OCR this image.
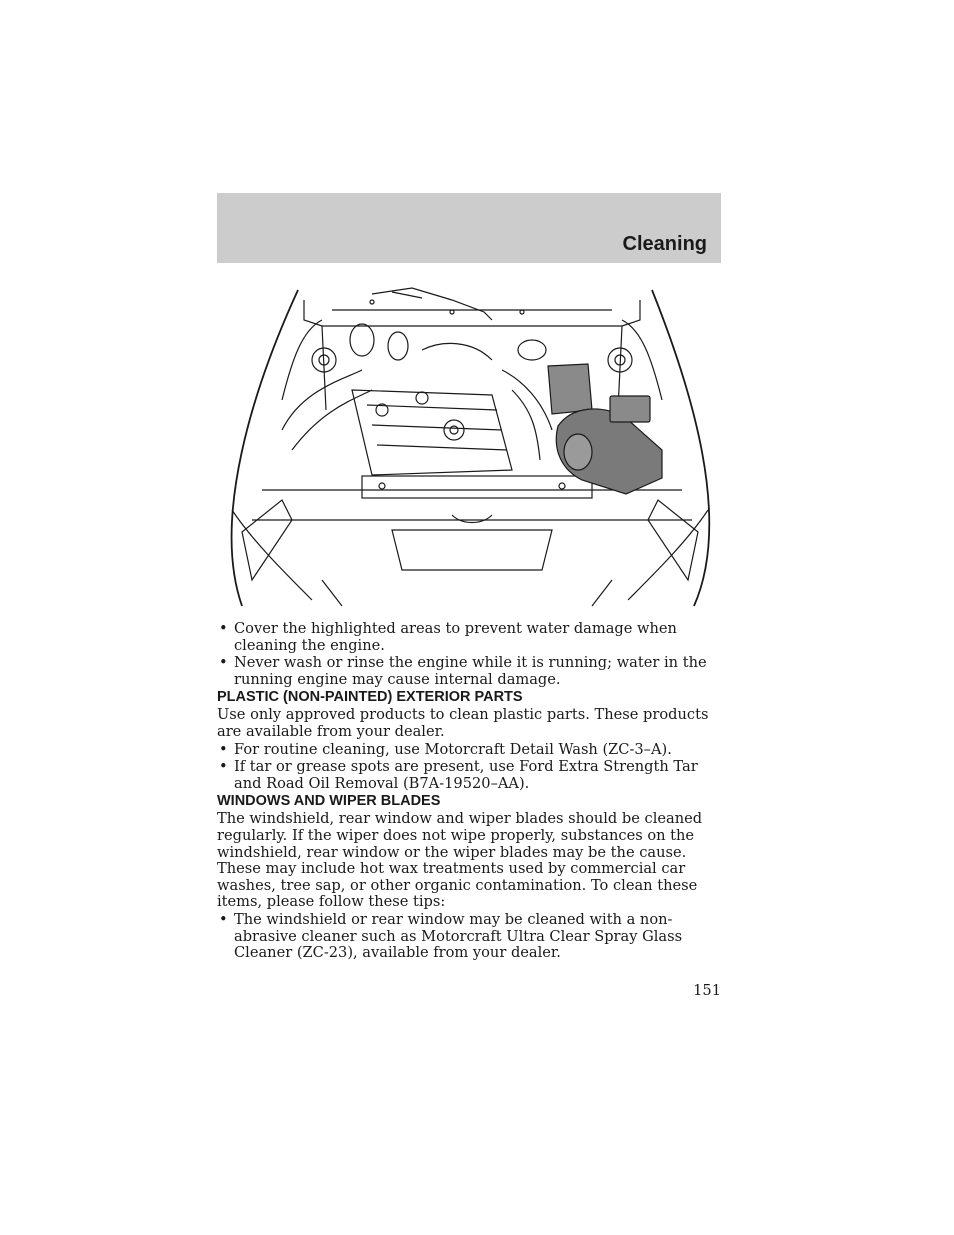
Cleaning
• Cover the highlighted areas to prevent water damage when cleaning the engine.
• Never wash or rinse the engine while it is running; water in the running engine may cause internal damage.
PLASTIC (NON-PAINTED) EXTERIOR PARTS
Use only approved products to clean plastic parts. These products are available from your dealer.
• For routine cleaning, use Motorcraft Detail Wash (ZC-3–A).
• If tar or grease spots are present, use Ford Extra Strength Tar and Road Oil Removal (B7A-19520–AA).
WINDOWS AND WIPER BLADES
The windshield, rear window and wiper blades should be cleaned regularly. If the wiper does not wipe properly, substances on the windshield, rear window or the wiper blades may be the cause. These may include hot wax treatments used by commercial car washes, tree sap, or other organic contamination. To clean these items, please follow these tips:
• The windshield or rear window may be cleaned with a non-abrasive cleaner such as Motorcraft Ultra Clear Spray Glass Cleaner (ZC-23), available from your dealer.
151
